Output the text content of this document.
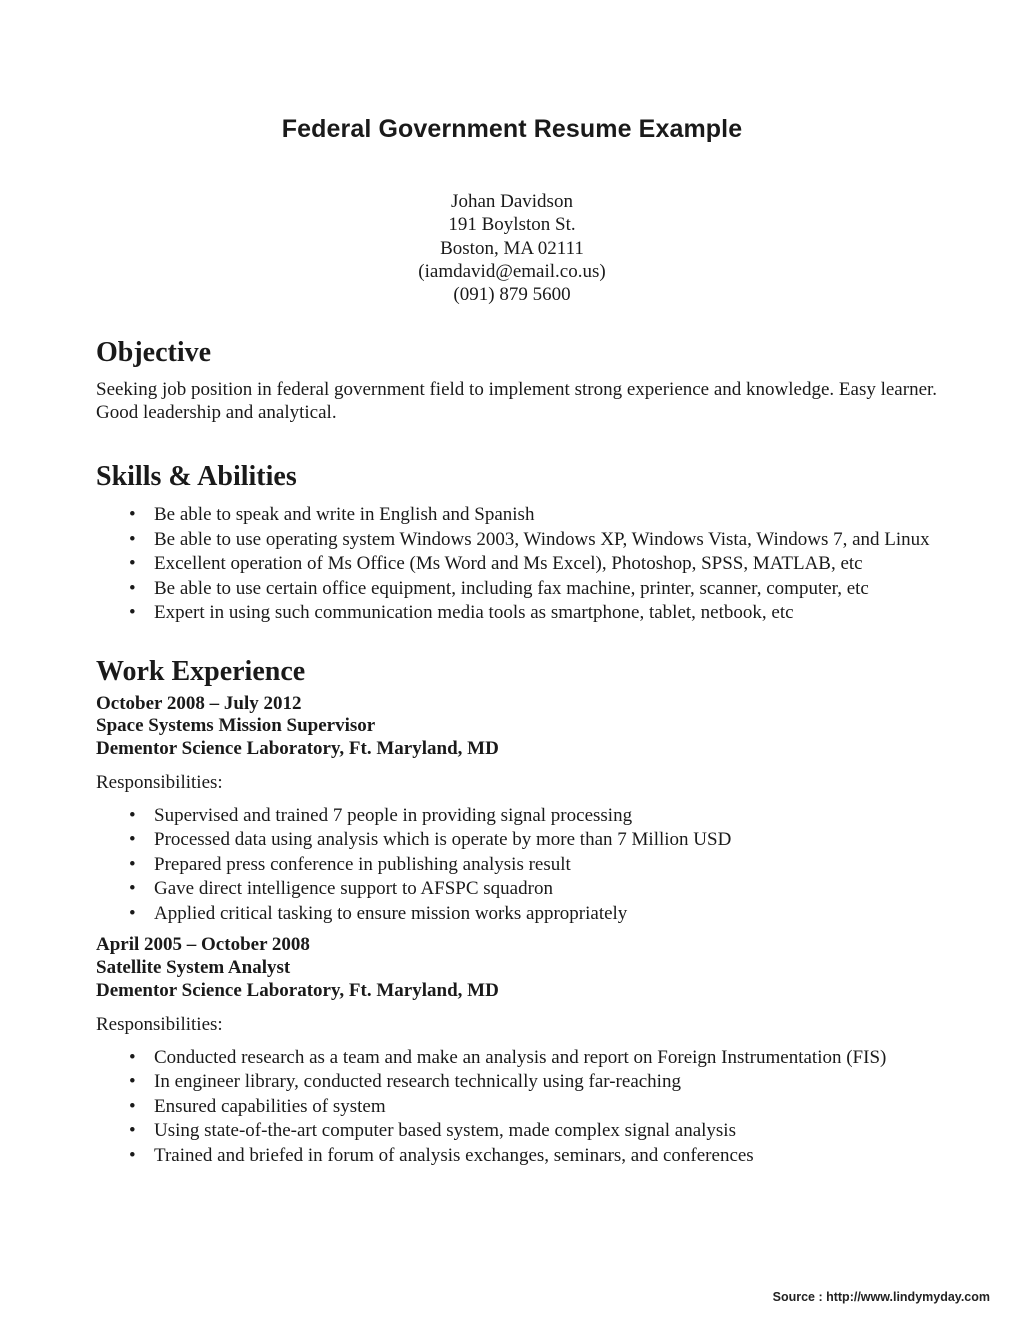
Federal Government Resume Example
Johan Davidson
191 Boylston St.
Boston, MA 02111
(iamdavid@email.co.us)
(091) 879 5600
Objective

Seeking job position in federal government field to implement strong experience and knowledge. Easy learner. Good leadership and analytical.

Skills & Abilities
• Be able to speak and write in English and Spanish
• Be able to use operating system Windows 2003, Windows XP, Windows Vista, Windows 7, and Linux
• Excellent operation of Ms Office (Ms Word and Ms Excel), Photoshop, SPSS, MATLAB, etc
• Be able to use certain office equipment, including fax machine, printer, scanner, computer, etc
• Expert in using such communication media tools as smartphone, tablet, netbook, etc
Work Experience
October 2008 – July 2012
Space Systems Mission Supervisor
Dementor Science Laboratory, Ft. Maryland, MD
Responsibilities:
• Supervised and trained 7 people in providing signal processing
• Processed data using analysis which is operate by more than 7 Million USD
• Prepared press conference in publishing analysis result
• Gave direct intelligence support to AFSPC squadron
• Applied critical tasking to ensure mission works appropriately
April 2005 – October 2008
Satellite System Analyst
Dementor Science Laboratory, Ft. Maryland, MD
Responsibilities:
• Conducted research as a team and make an analysis and report on Foreign Instrumentation (FIS)
• In engineer library, conducted research technically using far-reaching
• Ensured capabilities of system
• Using state-of-the-art computer based system, made complex signal analysis
• Trained and briefed in forum of analysis exchanges, seminars, and conferences
Source : http://www.lindymyday.com
